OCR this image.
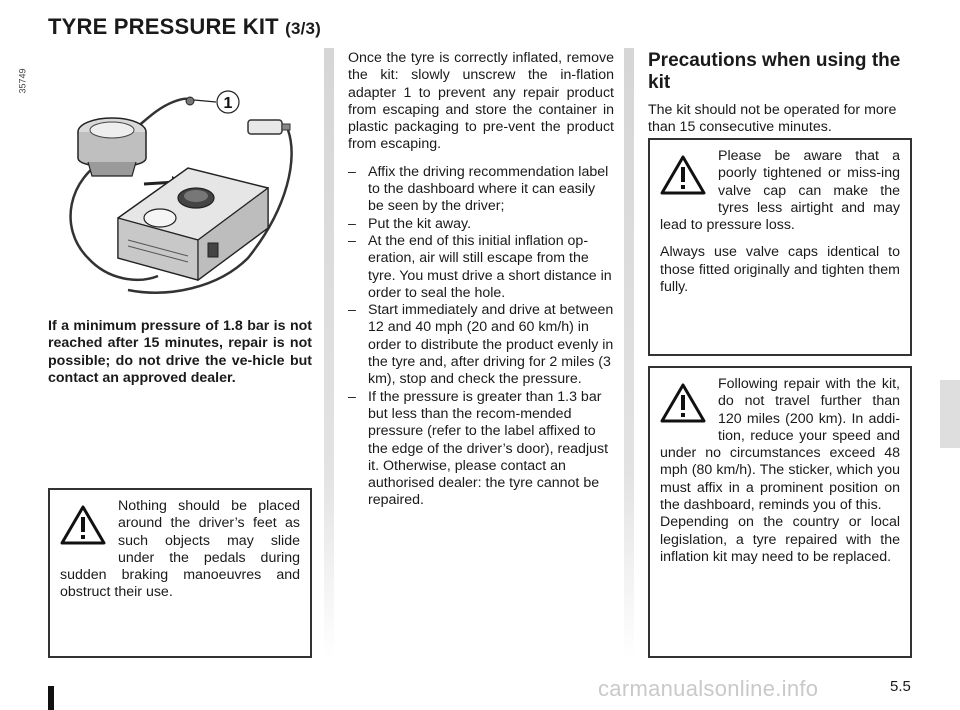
TYRE PRESSURE KIT (3/3)
35749
1
If a minimum pressure of 1.8 bar is not reached after 15 minutes, repair is not possible; do not drive the ve-hicle but contact an approved dealer.

Nothing should be placed around the driver’s feet as such objects may slide under the pedals during sudden braking manoeuvres and obstruct their use.

Once the tyre is correctly inflated, remove the kit: slowly unscrew the in-flation adapter 1 to prevent any repair product from escaping and store the container in plastic packaging to pre-vent the product from escaping.

– Affix the driving recommendation label to the dashboard where it can easily be seen by the driver;
– Put the kit away.
– At the end of this initial inflation op-eration, air will still escape from the tyre. You must drive a short distance in order to seal the hole.
– Start immediately and drive at between 12 and 40 mph (20 and 60 km/h) in order to distribute the product evenly in the tyre and, after driving for 2 miles (3 km), stop and check the pressure.
– If the pressure is greater than 1.3 bar but less than the recom-mended pressure (refer to the label affixed to the edge of the driver’s door), readjust it. Otherwise, please contact an authorised dealer: the tyre cannot be repaired.
Precautions when using the kit

The kit should not be operated for more than 15 consecutive minutes.

Please be aware that a poorly tightened or miss-ing valve cap can make the tyres less airtight and may lead to pressure loss.

Always use valve caps identical to those fitted originally and tighten them fully.

Following repair with the kit, do not travel further than 120 miles (200 km). In addi-tion, reduce your speed and under no circumstances exceed 48 mph (80 km/h). The sticker, which you must affix in a prominent position on the dashboard, reminds you of this.

Depending on the country or local legislation, a tyre repaired with the inflation kit may need to be replaced.

5.5
carmanualsonline.info
